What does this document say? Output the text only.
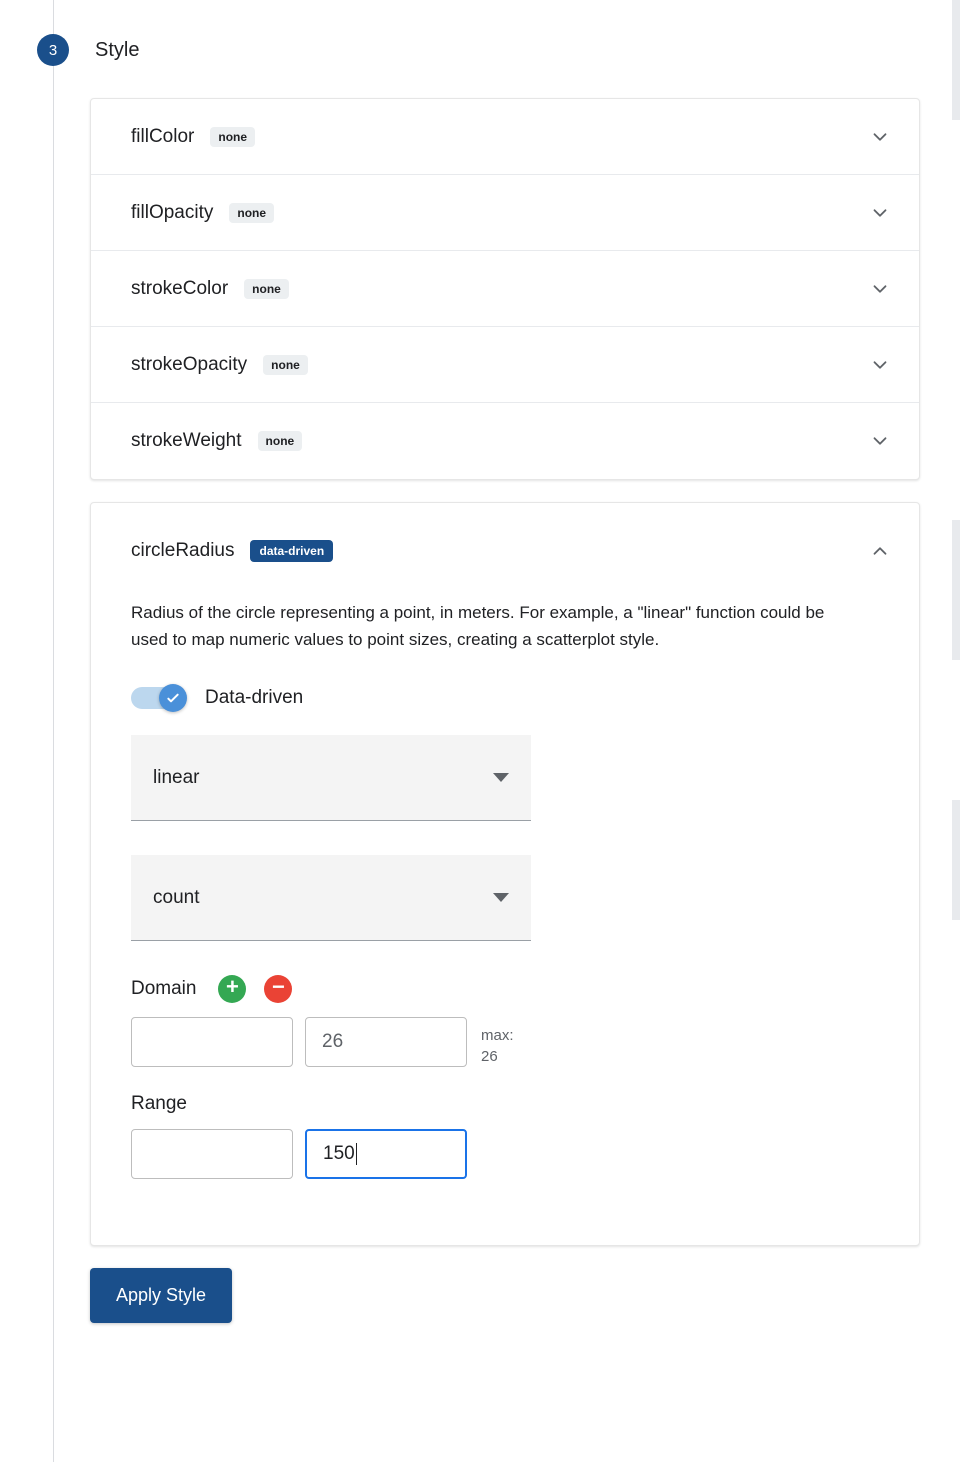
3	Style
fillColor	none
fillOpacity	none
strokeColor	none
strokeOpacity	none
strokeWeight	none
circleRadius	data-driven

Radius of the circle representing a point, in meters. For example, a "linear" function could be used to map numeric values to point sizes, creating a scatterplot style.

Data-driven
linear
count
Domain + −
26	max:
26
Range
150
Apply Style
